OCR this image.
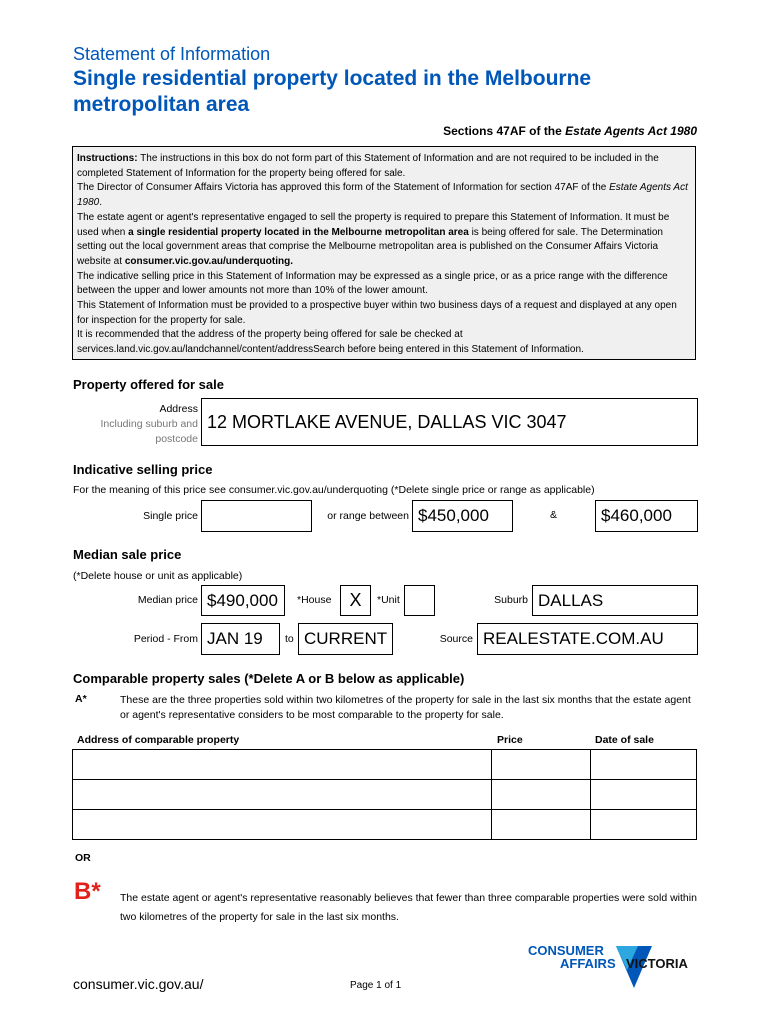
Statement of Information
Single residential property located in the Melbourne
metropolitan area
Sections 47AF of the Estate Agents Act 1980

Instructions: The instructions in this box do not form part of this Statement of Information and are not required to be included in the completed Statement of Information for the property being offered for sale.

The Director of Consumer Affairs Victoria has approved this form of the Statement of Information for section 47AF of the Estate Agents Act 1980.

The estate agent or agent's representative engaged to sell the property is required to prepare this Statement of Information. It must be used when a single residential property located in the Melbourne metropolitan area is being offered for sale. The Determination setting out the local government areas that comprise the Melbourne metropolitan area is published on the Consumer Affairs Victoria website at consumer.vic.gov.au/underquoting.

The indicative selling price in this Statement of Information may be expressed as a single price, or as a price range with the difference between the upper and lower amounts not more than 10% of the lower amount.

This Statement of Information must be provided to a prospective buyer within two business days of a request and displayed at any open for inspection for the property for sale.

It is recommended that the address of the property being offered for sale be checked at services.land.vic.gov.au/landchannel/content/addressSearch before being entered in this Statement of Information.

Property offered for sale
Address
Including suburb and
postcode
12 MORTLAKE AVENUE, DALLAS VIC 3047
Indicative selling price
For the meaning of this price see consumer.vic.gov.au/underquoting (*Delete single price or range as applicable)
Single price	or range between $450,000	&	$460,000
Median sale price
(*Delete house or unit as applicable)
Median price $490,000	*House	X	*Unit	Suburb DALLAS
Period - From JAN 19	to CURRENT	Source REALESTATE.COM.AU
Comparable property sales (*Delete A or B below as applicable)
A*	These are the three properties sold within two kilometres of the property for sale in the last six months that the estate agent or agent's representative considers to be most comparable to the property for sale.
Address of comparable property	Price	Date of sale

OR
B* The estate agent or agent's representative reasonably believes that fewer than three comparable properties were sold within two kilometres of the property for sale in the last six months.
CONSUMER
AFFAIRS VICTORIA
consumer.vic.gov.au/	Page 1 of 1
